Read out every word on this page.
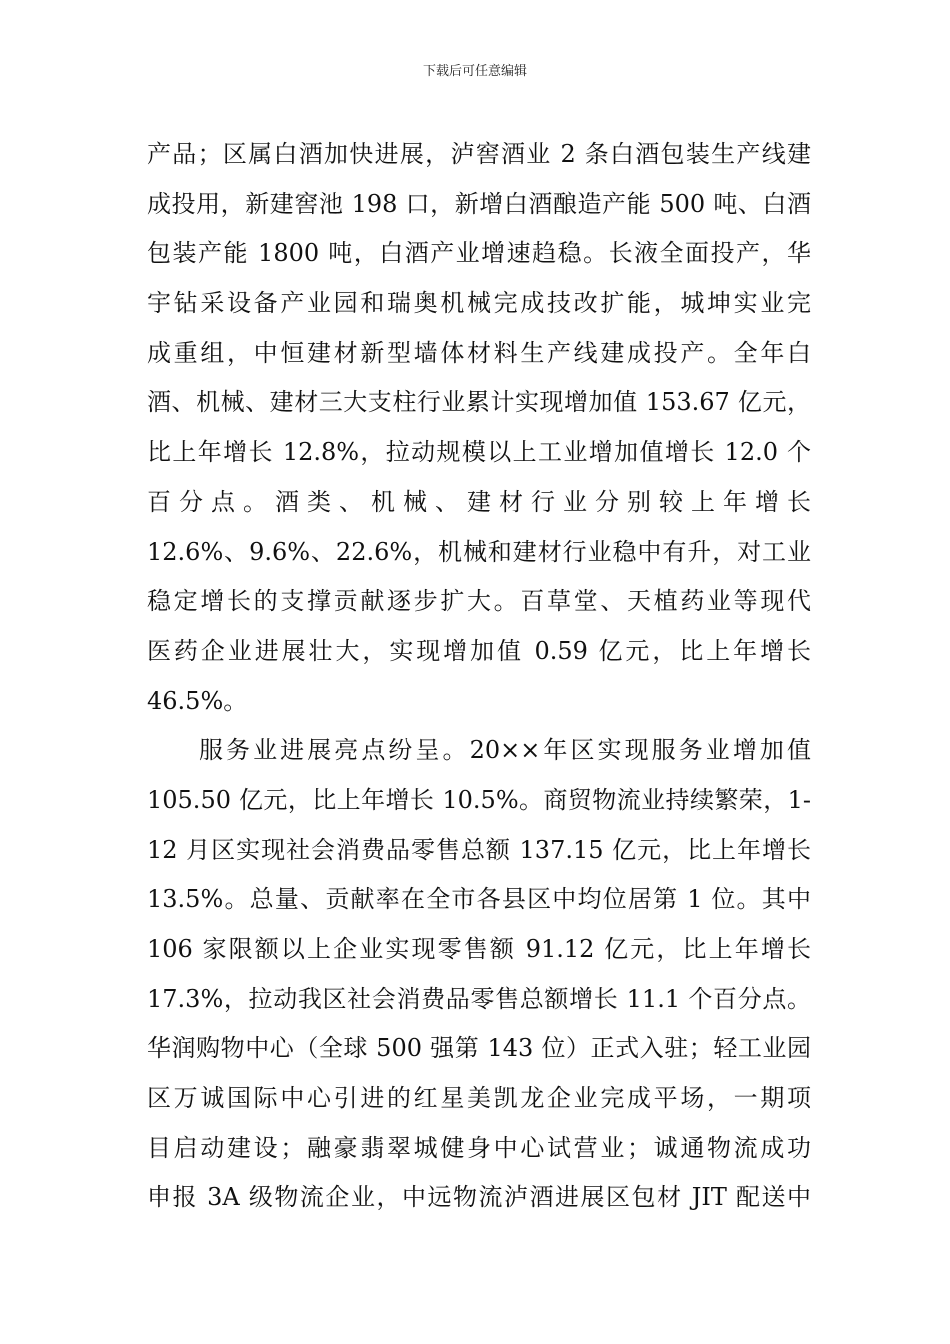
下载后可任意编辑
产品；区属白酒加快进展，泸窖酒业 2 条白酒包装生产线建
成投用，新建窖池 198 口，新增白酒酿造产能 500 吨、白酒
包装产能 1800 吨，白酒产业增速趋稳。长液全面投产，华
宇钻采设备产业园和瑞奥机械完成技改扩能，城坤实业完
成重组，中恒建材新型墙体材料生产线建成投产。全年白
酒、机械、建材三大支柱行业累计实现增加值 153.67 亿元，
比上年增长 12.8%，拉动规模以上工业增加值增长 12.0 个
百分点。酒类、机械、建材行业分别较上年增长
12.6%、9.6%、22.6%，机械和建材行业稳中有升，对工业
稳定增长的支撑贡献逐步扩大。百草堂、天植药业等现代
医药企业进展壮大，实现增加值 0.59 亿元，比上年增长
46.5%。
服务业进展亮点纷呈。20××年区实现服务业增加值
105.50 亿元，比上年增长 10.5%。商贸物流业持续繁荣，1-
12 月区实现社会消费品零售总额 137.15 亿元，比上年增长
13.5%。总量、贡献率在全市各县区中均位居第 1 位。其中
106 家限额以上企业实现零售额 91.12 亿元，比上年增长
17.3%，拉动我区社会消费品零售总额增长 11.1 个百分点。
华润购物中心（全球 500 强第 143 位）正式入驻；轻工业园
区万诚国际中心引进的红星美凯龙企业完成平场，一期项
目启动建设；融豪翡翠城健身中心试营业；诚通物流成功
申报 3A 级物流企业，中远物流泸酒进展区包材 JIT 配送中
